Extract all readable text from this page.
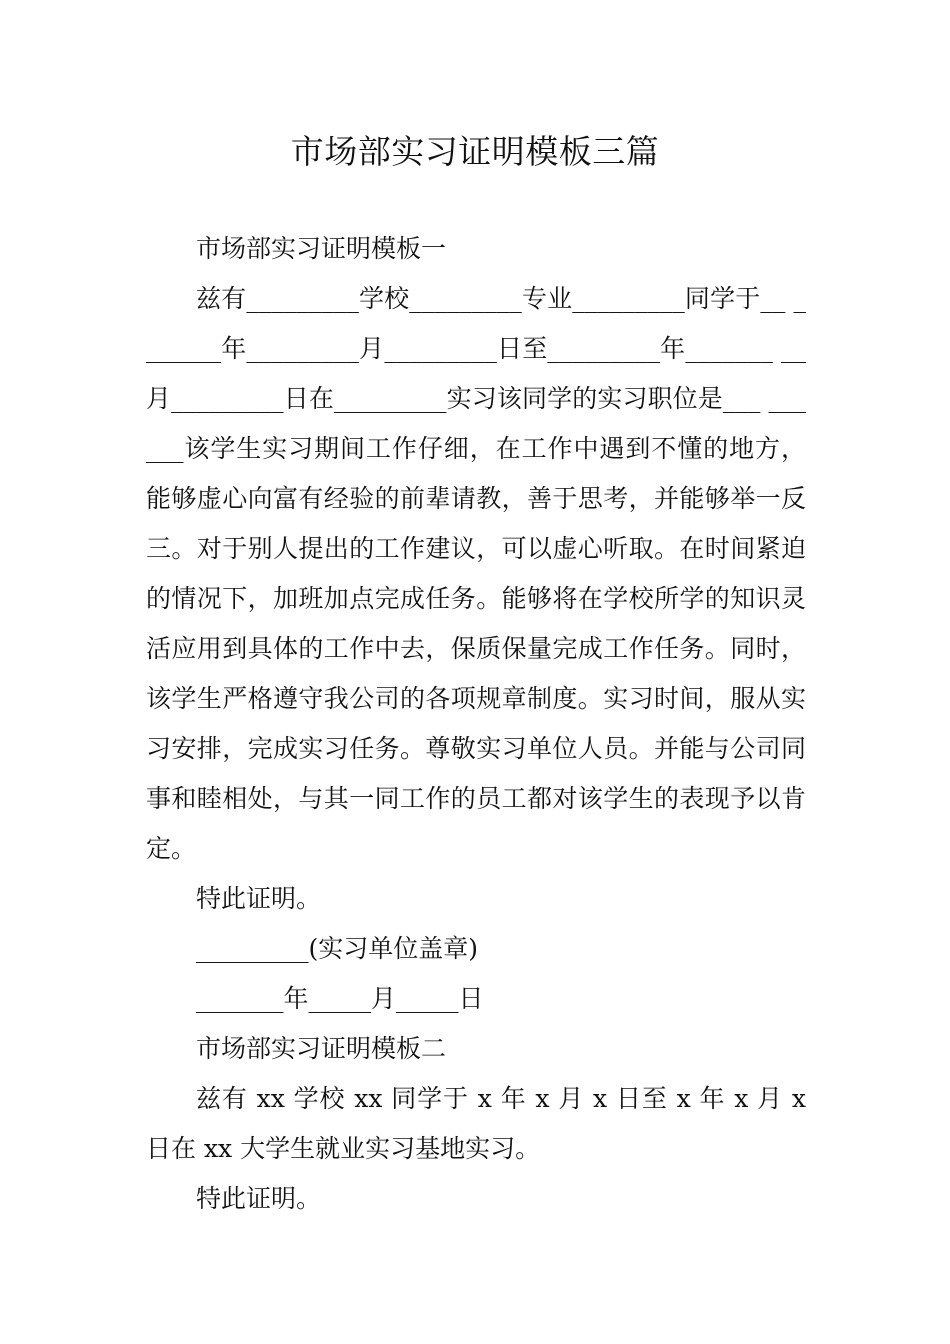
市场部实习证明模板三篇

市场部实习证明模板一

兹有_________学校_________专业_________同学于__ _______年_________月_________日至_________年_______ __月_________日在_________实习该同学的实习职位是___ ______该学生实习期间工作仔细，在工作中遇到不懂的地方，能够虚心向富有经验的前辈请教，善于思考，并能够举一反三。对于别人提出的工作建议，可以虚心听取。在时间紧迫的情况下，加班加点完成任务。能够将在学校所学的知识灵活应用到具体的工作中去，保质保量完成工作任务。同时，该学生严格遵守我公司的各项规章制度。实习时间，服从实习安排，完成实习任务。尊敬实习单位人员。并能与公司同事和睦相处，与其一同工作的员工都对该学生的表现予以肯定。

特此证明。

_________(实习单位盖章)

_______年_____月_____日

市场部实习证明模板二

兹有 xx 学校 xx 同学于 x 年 x 月 x 日至 x 年 x 月 x 日在 xx 大学生就业实习基地实习。

特此证明。
